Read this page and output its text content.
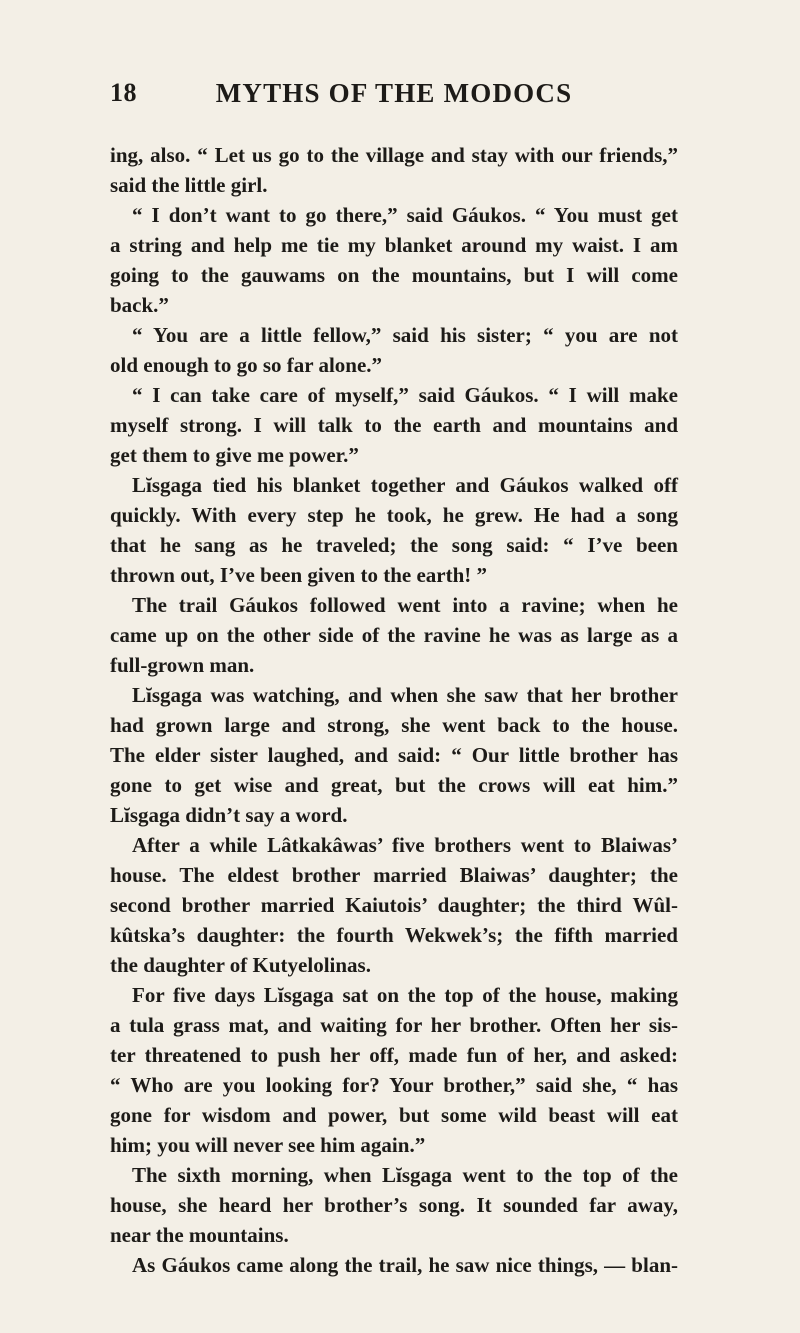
18	MYTHS OF THE MODOCS
ing, also. “ Let us go to the village and stay with our friends,”
said the little girl.
“ I don’t want to go there,” said Gáukos. “ You must get
a string and help me tie my blanket around my waist. I am
going to the gauwams on the mountains, but I will come
back.”
“ You are a little fellow,” said his sister; “ you are not
old enough to go so far alone.”
“ I can take care of myself,” said Gáukos. “ I will make
myself strong. I will talk to the earth and mountains and
get them to give me power.”
Lĭsgaga tied his blanket together and Gáukos walked off
quickly. With every step he took, he grew. He had a song
that he sang as he traveled; the song said: “ I’ve been
thrown out, I’ve been given to the earth! ”
The trail Gáukos followed went into a ravine; when he
came up on the other side of the ravine he was as large as a
full-grown man.
Lĭsgaga was watching, and when she saw that her brother
had grown large and strong, she went back to the house.
The elder sister laughed, and said: “ Our little brother has
gone to get wise and great, but the crows will eat him.”
Lĭsgaga didn’t say a word.
After a while Lâtkakâwas’ five brothers went to Blaiwas’
house. The eldest brother married Blaiwas’ daughter; the
second brother married Kaiutois’ daughter; the third Wûl-
kûtska’s daughter: the fourth Wekwek’s; the fifth married
the daughter of Kutyelolinas.
For five days Lĭsgaga sat on the top of the house, making
a tula grass mat, and waiting for her brother. Often her sis-
ter threatened to push her off, made fun of her, and asked:
“ Who are you looking for? Your brother,” said she, “ has
gone for wisdom and power, but some wild beast will eat
him; you will never see him again.”
The sixth morning, when Lĭsgaga went to the top of the
house, she heard her brother’s song. It sounded far away,
near the mountains.
As Gáukos came along the trail, he saw nice things, — blan-
